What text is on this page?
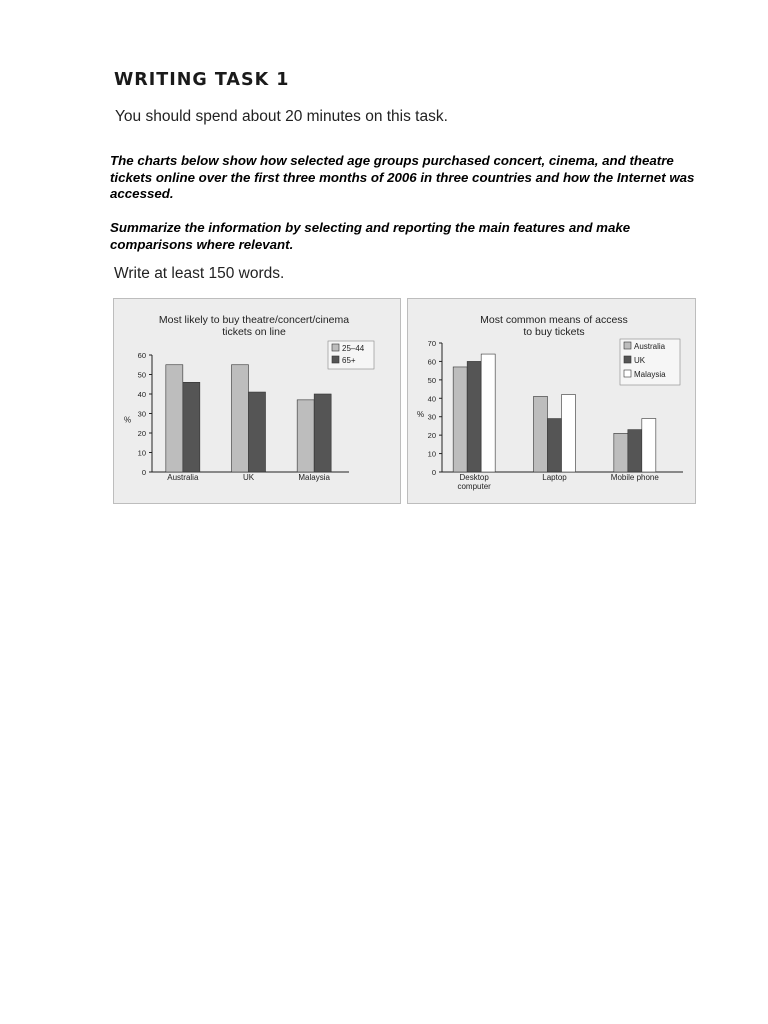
WRITING TASK 1

You should spend about 20 minutes on this task.

The charts below show how selected age groups purchased concert, cinema, and theatre tickets online over the first three months of 2006 in three countries and how the Internet was accessed.

Summarize the information by selecting and reporting the main features and make comparisons where relevant.

Write at least 150 words.

Most likely to buy theatre/concert/cinema
tickets on line
0
10
20
30
40
50
60
%
Australia	UK	Malaysia
25–44
65+
Most common means of access
to buy tickets
0
10
20
30
40
50
60
70
%
Desktop
computer
Laptop	Mobile phone
Australia
UK
Malaysia
